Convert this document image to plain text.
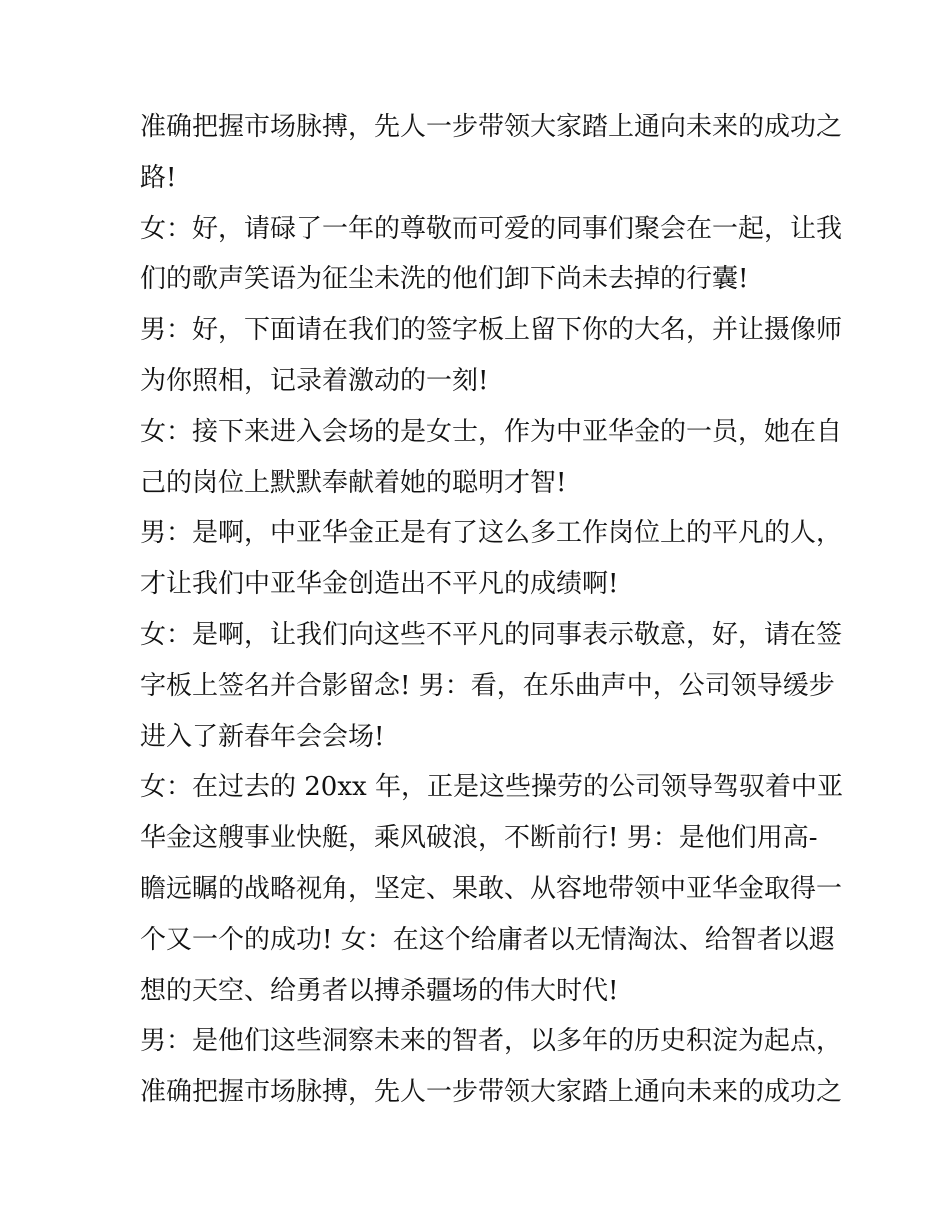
准确把握市场脉搏，先人一步带领大家踏上通向未来的成功之
路!
女：好，请碌了一年的尊敬而可爱的同事们聚会在一起，让我
们的歌声笑语为征尘未洗的他们卸下尚未去掉的行囊!
男：好，下面请在我们的签字板上留下你的大名，并让摄像师
为你照相，记录着激动的一刻!
女：接下来进入会场的是女士，作为中亚华金的一员，她在自
己的岗位上默默奉献着她的聪明才智!
男：是啊，中亚华金正是有了这么多工作岗位上的平凡的人，
才让我们中亚华金创造出不平凡的成绩啊!
女：是啊，让我们向这些不平凡的同事表示敬意，好，请在签
字板上签名并合影留念! 男：看，在乐曲声中，公司领导缓步
进入了新春年会会场!
女：在过去的 20xx 年，正是这些操劳的公司领导驾驭着中亚
华金这艘事业快艇，乘风破浪，不断前行! 男：是他们用高-
瞻远瞩的战略视角，坚定、果敢、从容地带领中亚华金取得一
个又一个的成功! 女：在这个给庸者以无情淘汰、给智者以遐
想的天空、给勇者以搏杀疆场的伟大时代!
男：是他们这些洞察未来的智者，以多年的历史积淀为起点，
准确把握市场脉搏，先人一步带领大家踏上通向未来的成功之
